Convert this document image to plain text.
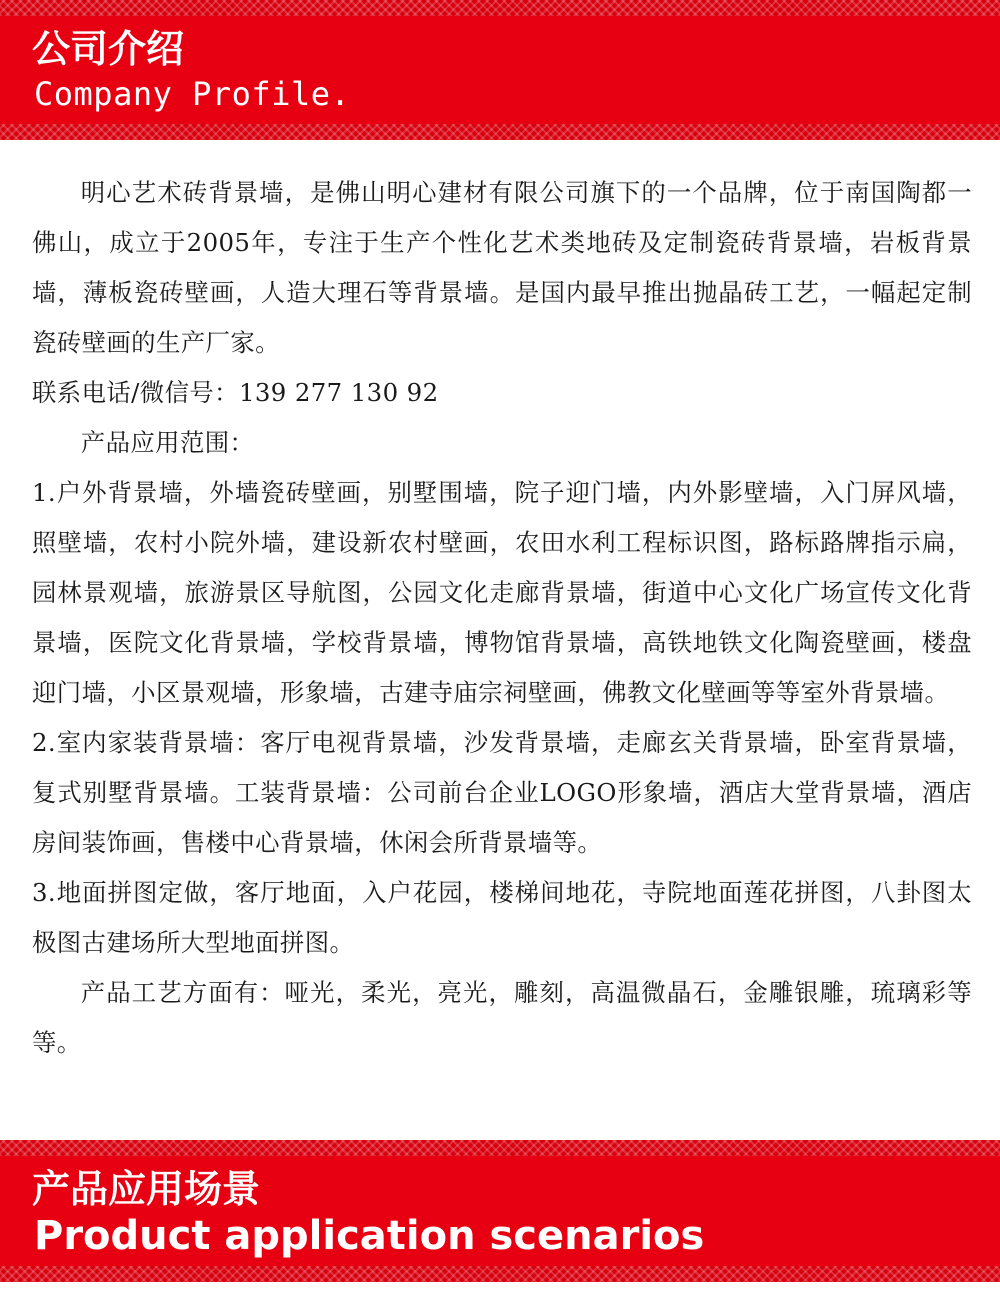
公司介绍
Company Profile.

明心艺术砖背景墙，是佛山明心建材有限公司旗下的一个品牌，位于南国陶都一佛山，成立于2005年，专注于生产个性化艺术类地砖及定制瓷砖背景墙，岩板背景墙，薄板瓷砖壁画，人造大理石等背景墙。是国内最早推出抛晶砖工艺，一幅起定制瓷砖壁画的生产厂家。

联系电话/微信号：139 277 130 92

产品应用范围：

1.户外背景墙，外墙瓷砖壁画，别墅围墙，院子迎门墙，内外影壁墙，入门屏风墙，照壁墙，农村小院外墙，建设新农村壁画，农田水利工程标识图，路标路牌指示扁，园林景观墙，旅游景区导航图，公园文化走廊背景墙，街道中心文化广场宣传文化背景墙，医院文化背景墙，学校背景墙，博物馆背景墙，高铁地铁文化陶瓷壁画，楼盘迎门墙，小区景观墙，形象墙，古建寺庙宗祠壁画，佛教文化壁画等等室外背景墙。

2.室内家装背景墙：客厅电视背景墙，沙发背景墙，走廊玄关背景墙，卧室背景墙，复式别墅背景墙。工装背景墙：公司前台企业LOGO形象墙，酒店大堂背景墙，酒店房间装饰画，售楼中心背景墙，休闲会所背景墙等。

3.地面拼图定做，客厅地面，入户花园，楼梯间地花，寺院地面莲花拼图，八卦图太极图古建场所大型地面拼图。

产品工艺方面有：哑光，柔光，亮光，雕刻，高温微晶石，金雕银雕，琉璃彩等等。

产品应用场景
Product application scenarios
